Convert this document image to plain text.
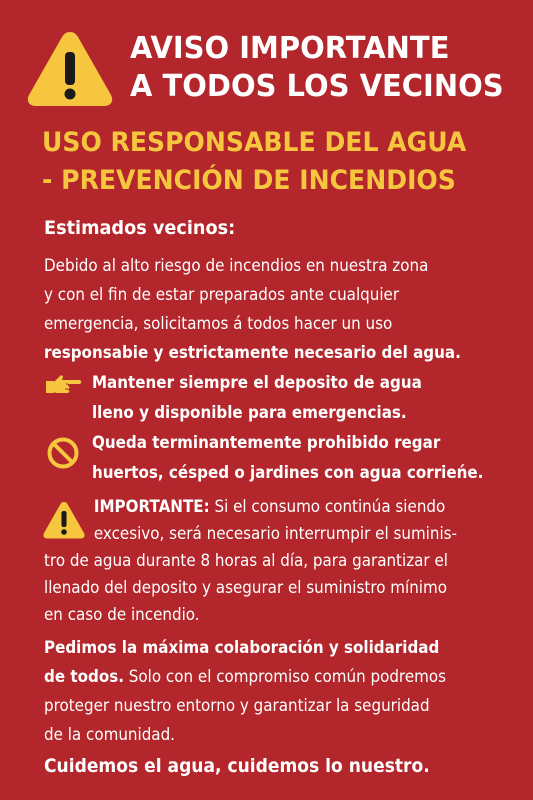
AVISO IMPORTANTE
A TODOS LOS VECINOS
USO RESPONSABLE DEL AGUA
- PREVENCIÓN DE INCENDIOS
Estimados vecinos:
Debido al alto riesgo de incendios en nuestra zona
y con el fin de estar preparados ante cualquier
emergencia, solicitamos á todos hacer un uso
responsabie y estrictamente necesario del agua.
Mantener siempre el deposito de agua
lleno y disponible para emergencias.
Queda terminantemente prohibido regar
huertos, césped o jardines con agua corrieńe.
IMPORTANTE: Si el consumo continúa siendo
excesivo, será necesario interrumpir el suminis-
tro de agua durante 8 horas al día, para garantizar el
llenado del deposito y asegurar el suministro mínimo
en caso de incendio.
Pedimos la máxima colaboración y solidaridad
de todos. Solo con el compromiso común podremos
proteger nuestro entorno y garantizar la seguridad
de la comunidad.
Cuidemos el agua, cuidemos lo nuestro.
